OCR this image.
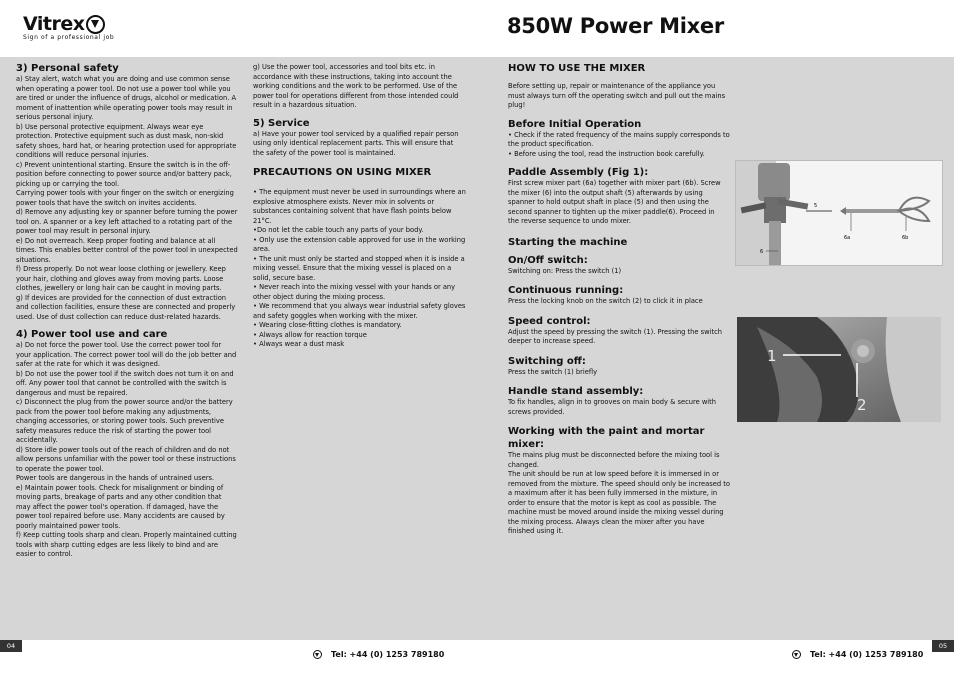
Vitrex
Sign of a professional job	850W Power Mixer
3) Personal safety

a) Stay alert, watch what you are doing and use common sense when operating a power tool. Do not use a power tool while you are tired or under the influence of drugs, alcohol or medication. A moment of inattention while operating power tools may result in serious personal injury.

b) Use personal protective equipment. Always wear eye protection. Protective equipment such as dust mask, non-skid safety shoes, hard hat, or hearing protection used for appropriate conditions will reduce personal injuries.

c) Prevent unintentional starting. Ensure the switch is in the off-position before connecting to power source and/or battery pack, picking up or carrying the tool.

Carrying power tools with your finger on the switch or energizing power tools that have the switch on invites accidents.

d) Remove any adjusting key or spanner before turning the power tool on. A spanner or a key left attached to a rotating part of the power tool may result in personal injury.

e) Do not overreach. Keep proper footing and balance at all times. This enables better control of the power tool in unexpected situations.

f) Dress properly. Do not wear loose clothing or jewellery. Keep your hair, clothing and gloves away from moving parts. Loose clothes, jewellery or long hair can be caught in moving parts.

g) If devices are provided for the connection of dust extraction and collection facilities, ensure these are connected and properly used. Use of dust collection can reduce dust-related hazards.

4) Power tool use and care

a) Do not force the power tool. Use the correct power tool for your application. The correct power tool will do the job better and safer at the rate for which it was designed.

b) Do not use the power tool if the switch does not turn it on and off. Any power tool that cannot be controlled with the switch is dangerous and must be repaired.

c) Disconnect the plug from the power source and/or the battery pack from the power tool before making any adjustments, changing accessories, or storing power tools. Such preventive safety measures reduce the risk of starting the power tool accidentally.

d) Store idle power tools out of the reach of children and do not allow persons unfamiliar with the power tool or these instructions to operate the power tool.

Power tools are dangerous in the hands of untrained users.

e) Maintain power tools. Check for misalignment or binding of moving parts, breakage of parts and any other condition that may affect the power tool's operation. If damaged, have the power tool repaired before use. Many accidents are caused by poorly maintained power tools.

f) Keep cutting tools sharp and clean. Properly maintained cutting tools with sharp cutting edges are less likely to bind and are easier to control.

g) Use the power tool, accessories and tool bits etc. in accordance with these instructions, taking into account the working conditions and the work to be performed. Use of the power tool for operations different from those intended could result in a hazardous situation.

5) Service

a) Have your power tool serviced by a qualified repair person using only identical replacement parts. This will ensure that the safety of the power tool is maintained.

PRECAUTIONS ON USING MIXER

• The equipment must never be used in surroundings where an explosive atmosphere exists. Never mix in solvents or substances containing solvent that have flash points below 21°C.

•Do not let the cable touch any parts of your body.

• Only use the extension cable approved for use in the working area.

• The unit must only be started and stopped when it is inside a mixing vessel. Ensure that the mixing vessel is placed on a solid, secure base.

• Never reach into the mixing vessel with your hands or any other object during the mixing process.

• We recommend that you always wear industrial safety gloves and safety goggles when working with the mixer.

• Wearing close-fitting clothes is mandatory.

• Always allow for reaction torque

• Always wear a dust mask

HOW TO USE THE MIXER

Before setting up, repair or maintenance of the appliance you must always turn off the operating switch and pull out the mains plug!

Before Initial Operation

• Check if the rated frequency of the mains supply corresponds to the product specification.

• Before using the tool, read the instruction book carefully.

Paddle Assembly (Fig 1):

First screw mixer part (6a) together with mixer part (6b). Screw the mixer (6) into the output shaft (5) afterwards by using spanner to hold output shaft in place (5) and then using the second spanner to tighten up the mixer paddle(6). Proceed in the reverse sequence to undo mixer.

Starting the machine
On/Off switch:

Switching on: Press the switch (1)

Continuous running:

Press the locking knob on the switch (2) to click it in place

Speed control:

Adjust the speed by pressing the switch (1). Pressing the switch deeper to increase speed.

Switching off:

Press the switch (1) briefly

Handle stand assembly:

To fix handles, align in to grooves on main body & secure with screws provided.

Working with the paint and mortar mixer:

The mains plug must be disconnected before the mixing tool is changed.

The unit should be run at low speed before it is immersed in or removed from the mixture. The speed should only be increased to a maximum after it has been fully immersed in the mixture, in order to ensure that the motor is kept as cool as possible. The machine must be moved around inside the mixing vessel during the mixing process. Always clean the mixer after you have finished using it.

5
6
6a	6b
1
2
04	05
Tel: +44 (0) 1253 789180	Tel: +44 (0) 1253 789180
